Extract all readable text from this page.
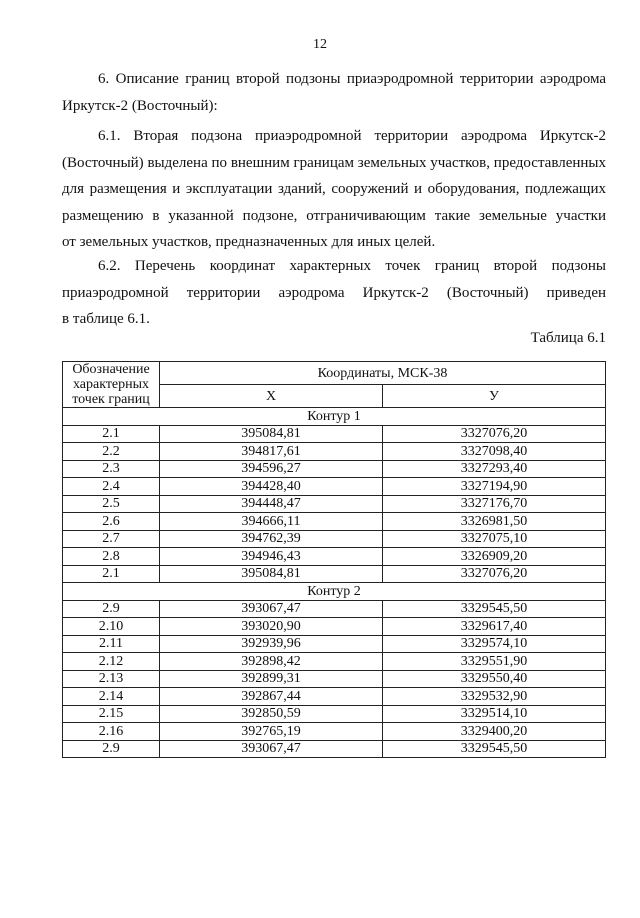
12
6. Описание границ второй подзоны приаэродромной территории аэродрома
Иркутск-2 (Восточный):
6.1. Вторая подзона приаэродромной территории аэродрома Иркутск-2
(Восточный) выделена по внешним границам земельных участков, предоставленных
для размещения и эксплуатации зданий, сооружений и оборудования, подлежащих
размещению в указанной подзоне, отграничивающим такие земельные участки
от земельных участков, предназначенных для иных целей.
6.2. Перечень координат характерных точек границ второй подзоны
приаэродромной территории аэродрома Иркутск-2 (Восточный) приведен
в таблице 6.1.
Таблица 6.1
Обозначение характерных точек границ	Координаты, МСК-38	
	X	У
Контур 1		
2.1	395084,81	3327076,20
2.2	394817,61	3327098,40
2.3	394596,27	3327293,40
2.4	394428,40	3327194,90
2.5	394448,47	3327176,70
2.6	394666,11	3326981,50
2.7	394762,39	3327075,10
2.8	394946,43	3326909,20
2.1	395084,81	3327076,20
Контур 2		
2.9	393067,47	3329545,50
2.10	393020,90	3329617,40
2.11	392939,96	3329574,10
2.12	392898,42	3329551,90
2.13	392899,31	3329550,40
2.14	392867,44	3329532,90
2.15	392850,59	3329514,10
2.16	392765,19	3329400,20
2.9	393067,47	3329545,50
